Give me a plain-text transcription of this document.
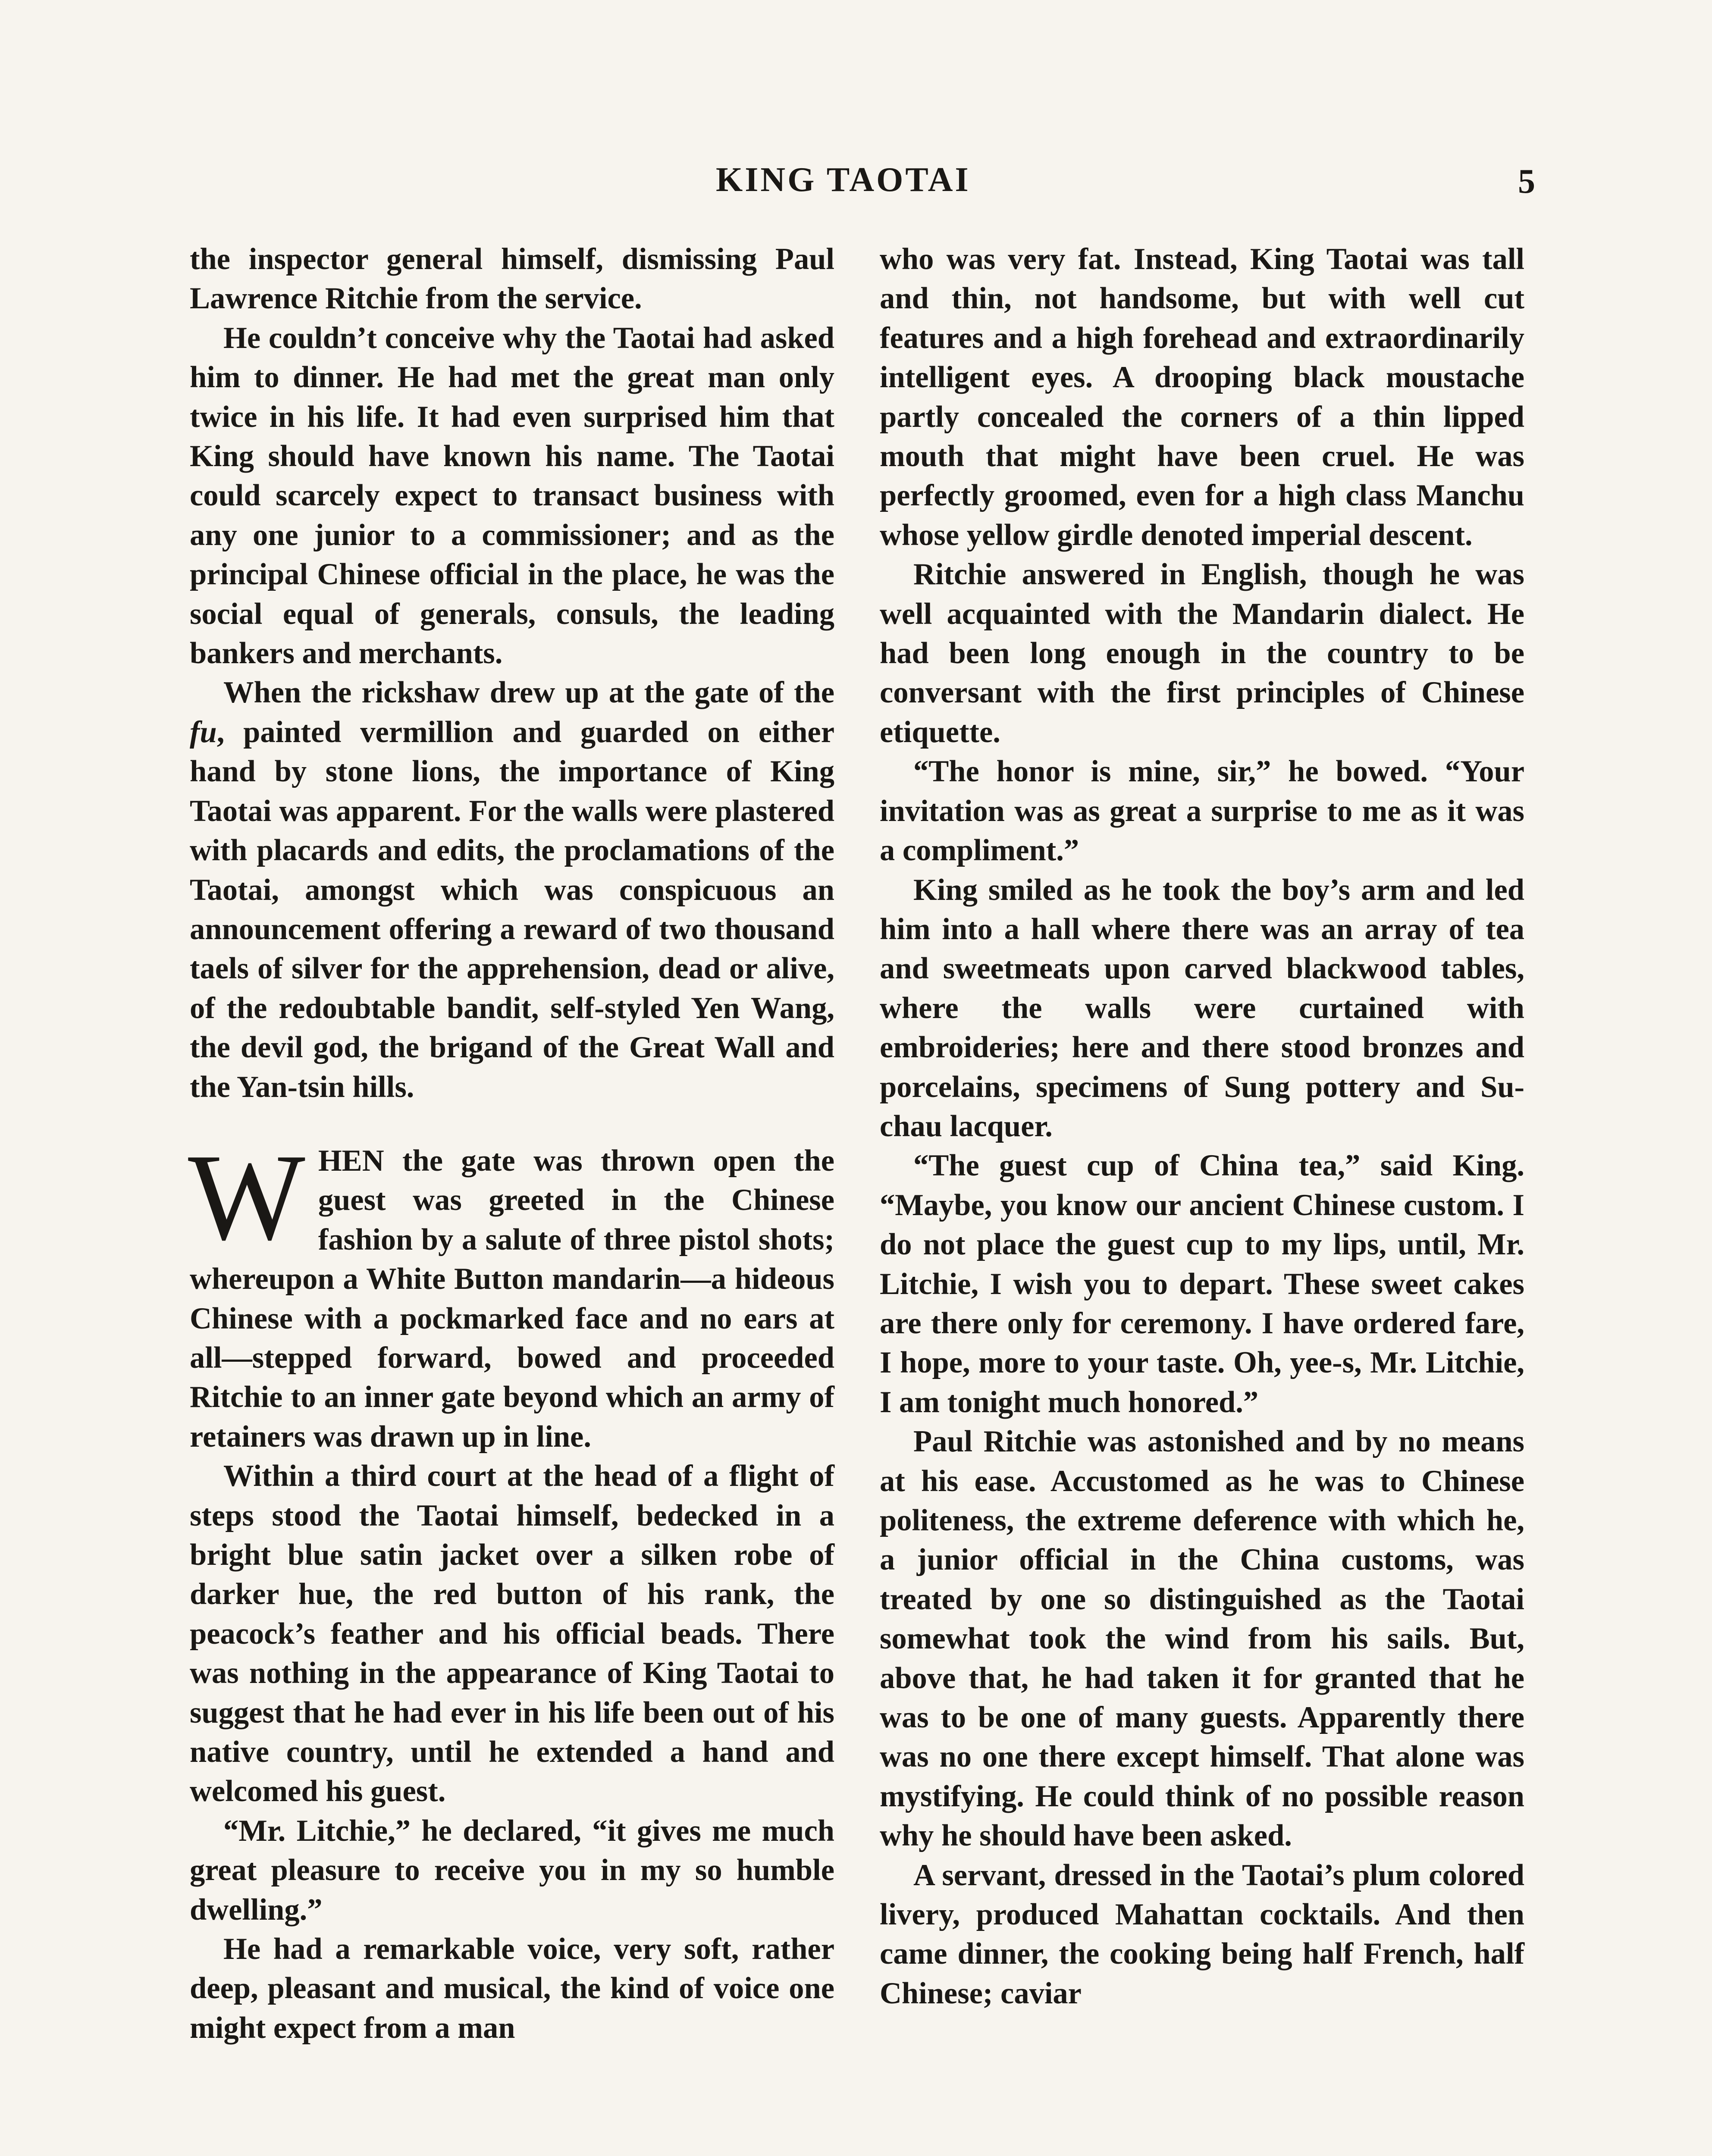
KING TAOTAI	5

the inspector general himself, dismissing Paul Lawrence Ritchie from the service.

He couldn’t conceive why the Taotai had asked him to dinner. He had met the great man only twice in his life. It had even surprised him that King should have known his name. The Taotai could scarcely expect to transact business with any one junior to a commissioner; and as the principal Chinese official in the place, he was the social equal of generals, consuls, the leading bankers and merchants.

When the rickshaw drew up at the gate of the fu, painted vermillion and guarded on either hand by stone lions, the importance of King Taotai was apparent. For the walls were plastered with placards and edits, the proclamations of the Taotai, amongst which was conspicuous an announcement offering a reward of two thousand taels of silver for the apprehension, dead or alive, of the redoubtable bandit, self-styled Yen Wang, the devil god, the brigand of the Great Wall and the Yan-tsin hills.

WHEN the gate was thrown open the guest was greeted in the Chinese fashion by a salute of three pistol shots; whereupon a White Button mandarin—a hideous Chinese with a pockmarked face and no ears at all—stepped forward, bowed and proceeded Ritchie to an inner gate beyond which an army of retainers was drawn up in line.

Within a third court at the head of a flight of steps stood the Taotai himself, bedecked in a bright blue satin jacket over a silken robe of darker hue, the red button of his rank, the peacock’s feather and his official beads. There was nothing in the appearance of King Taotai to suggest that he had ever in his life been out of his native country, until he extended a hand and welcomed his guest.

“Mr. Litchie,” he declared, “it gives me much great pleasure to receive you in my so humble dwelling.”

He had a remarkable voice, very soft, rather deep, pleasant and musical, the kind of voice one might expect from a man

who was very fat. Instead, King Taotai was tall and thin, not handsome, but with well cut features and a high forehead and extraordinarily intelligent eyes. A drooping black moustache partly concealed the corners of a thin lipped mouth that might have been cruel. He was perfectly groomed, even for a high class Manchu whose yellow girdle denoted imperial descent.

Ritchie answered in English, though he was well acquainted with the Mandarin dialect. He had been long enough in the country to be conversant with the first principles of Chinese etiquette.

“The honor is mine, sir,” he bowed. “Your invitation was as great a surprise to me as it was a compliment.”

King smiled as he took the boy’s arm and led him into a hall where there was an array of tea and sweetmeats upon carved blackwood tables, where the walls were curtained with embroideries; here and there stood bronzes and porcelains, specimens of Sung pottery and Su-chau lacquer.

“The guest cup of China tea,” said King. “Maybe, you know our ancient Chinese custom. I do not place the guest cup to my lips, until, Mr. Litchie, I wish you to depart. These sweet cakes are there only for ceremony. I have ordered fare, I hope, more to your taste. Oh, yee-s, Mr. Litchie, I am tonight much honored.”

Paul Ritchie was astonished and by no means at his ease. Accustomed as he was to Chinese politeness, the extreme deference with which he, a junior official in the China customs, was treated by one so distinguished as the Taotai somewhat took the wind from his sails. But, above that, he had taken it for granted that he was to be one of many guests. Apparently there was no one there except himself. That alone was mystifying. He could think of no possible reason why he should have been asked.

A servant, dressed in the Taotai’s plum colored livery, produced Mahattan cocktails. And then came dinner, the cooking being half French, half Chinese; caviar
